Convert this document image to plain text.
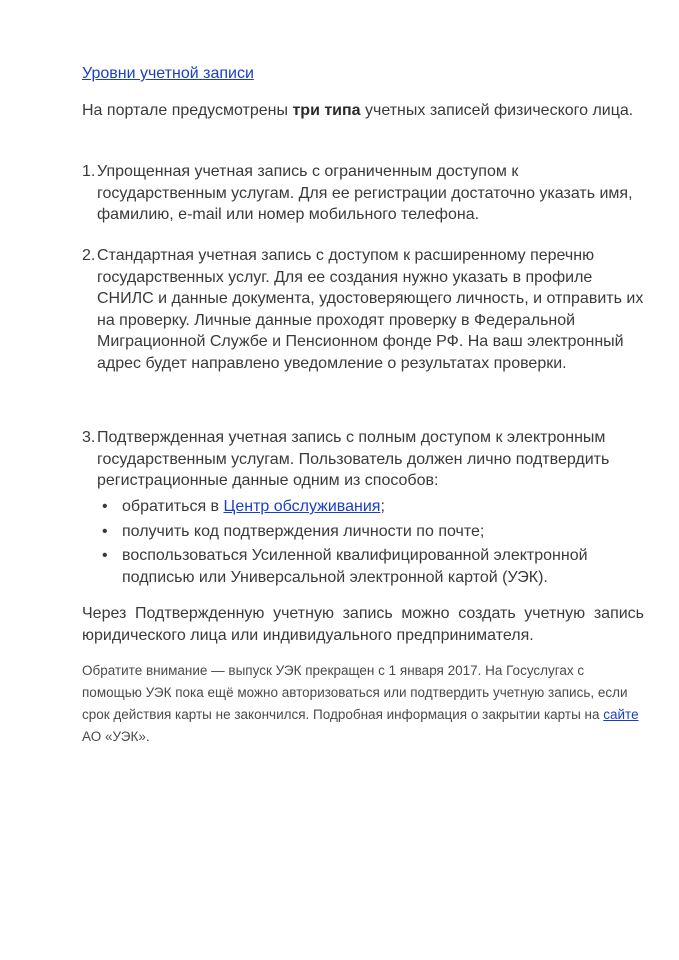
Уровни учетной записи

На портале предусмотрены три типа учетных записей физического лица.

1. Упрощенная учетная запись с ограниченным доступом к государственным услугам. Для ее регистрации достаточно указать имя, фамилию, e-mail или номер мобильного телефона.
2. Стандартная учетная запись с доступом к расширенному перечню государственных услуг. Для ее создания нужно указать в профиле СНИЛС и данные документа, удостоверяющего личность, и отправить их на проверку. Личные данные проходят проверку в Федеральной Миграционной Службе и Пенсионном фонде РФ. На ваш электронный адрес будет направлено уведомление о результатах проверки.
3. Подтвержденная учетная запись с полным доступом к электронным государственным услугам. Пользователь должен лично подтвердить регистрационные данные одним из способов:
• обратиться в Центр обслуживания;
• получить код подтверждения личности по почте;
• воспользоваться Усиленной квалифицированной электронной подписью или Универсальной электронной картой (УЭК).

Через Подтвержденную учетную запись можно создать учетную запись юридического лица или индивидуального предпринимателя.

Обратите внимание — выпуск УЭК прекращен с 1 января 2017. На Госуслугах с помощью УЭК пока ещё можно авторизоваться или подтвердить учетную запись, если срок действия карты не закончился. Подробная информация о закрытии карты на сайте АО «УЭК».
